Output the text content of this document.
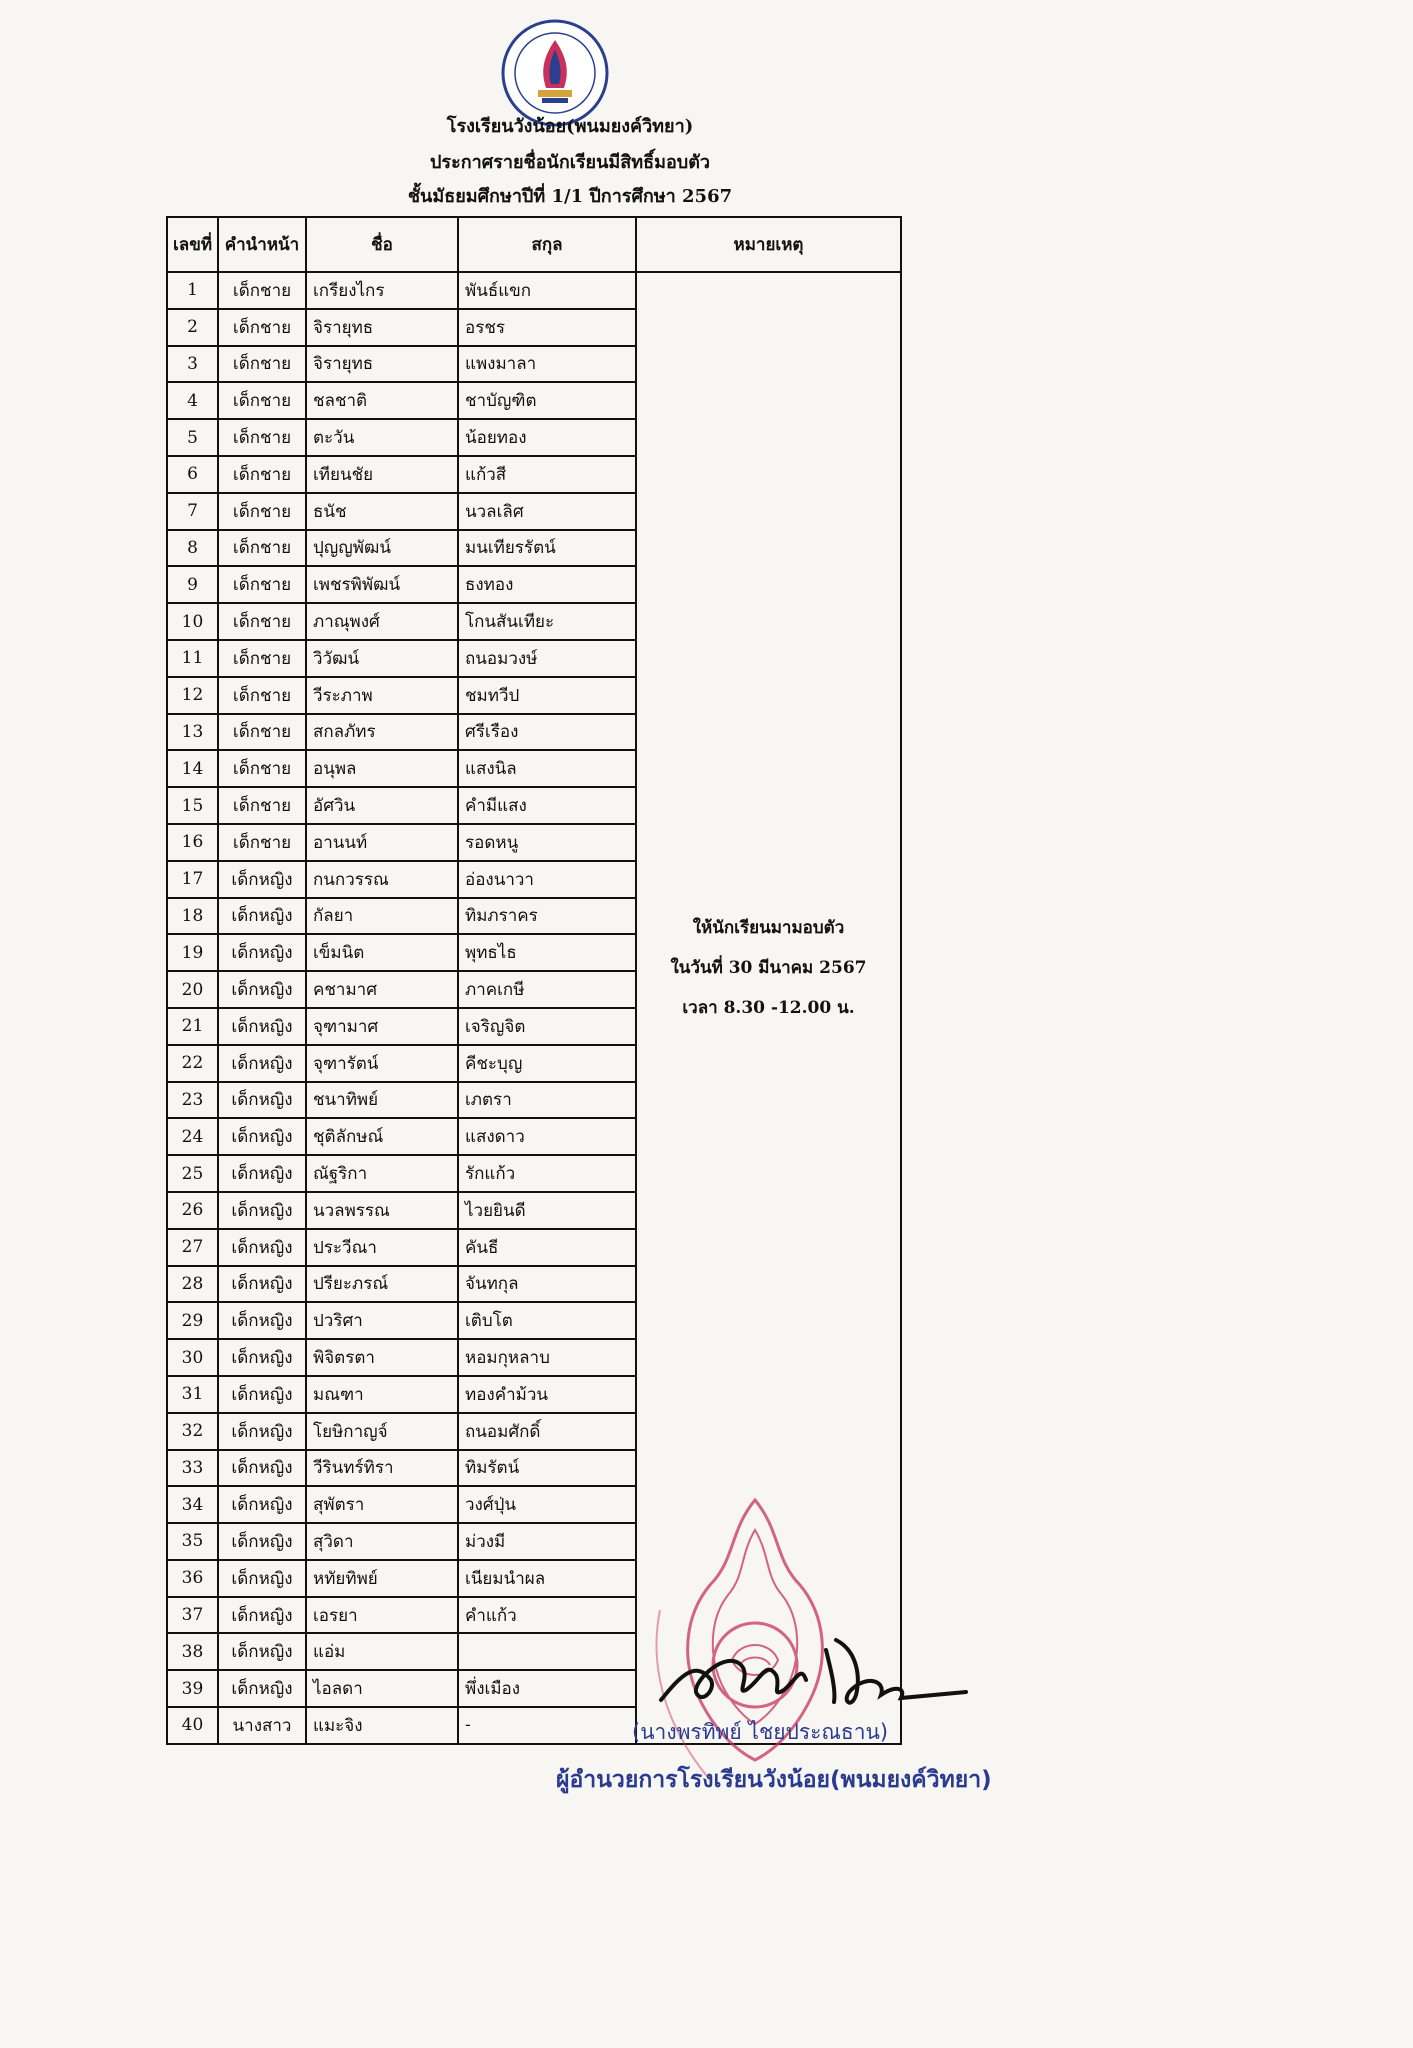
โรงเรียนวังน้อย(พนมยงค์วิทยา)
ประกาศรายชื่อนักเรียนมีสิทธิ์มอบตัว
ชั้นมัธยมศึกษาปีที่ 1/1 ปีการศึกษา 2567
เลขที่	คำนำหน้า	ชื่อ	สกุล	หมายเหตุ
1	เด็กชาย	เกรียงไกร	พันธ์แขก	ให้นักเรียนมามอบตัว
ในวันที่ 30 มีนาคม 2567
เวลา 8.30 -12.00 น.

2	เด็กชาย	จิรายุทธ	อรชร	
3	เด็กชาย	จิรายุทธ	แพงมาลา	
4	เด็กชาย	ชลชาติ	ชาบัญฑิต	
5	เด็กชาย	ตะวัน	น้อยทอง	
6	เด็กชาย	เทียนชัย	แก้วสี	
7	เด็กชาย	ธนัช	นวลเลิศ	
8	เด็กชาย	ปุญญพัฒน์	มนเทียรรัตน์	
9	เด็กชาย	เพชรพิพัฒน์	ธงทอง	
10	เด็กชาย	ภาณุพงศ์	โกนสันเทียะ	
11	เด็กชาย	วิวัฒน์	ถนอมวงษ์	
12	เด็กชาย	วีระภาพ	ชมทวีป	
13	เด็กชาย	สกลภัทร	ศรีเรือง	
14	เด็กชาย	อนุพล	แสงนิล	
15	เด็กชาย	อัศวิน	คำมีแสง	
16	เด็กชาย	อานนท์	รอดหนู	
17	เด็กหญิง	กนกวรรณ	อ่องนาวา	
18	เด็กหญิง	กัลยา	ทิมภราคร	
19	เด็กหญิง	เข็มนิต	พุทธไธ	
20	เด็กหญิง	คชามาศ	ภาคเกษี	
21	เด็กหญิง	จุฑามาศ	เจริญจิต	
22	เด็กหญิง	จุฑารัตน์	คีชะบุญ	
23	เด็กหญิง	ชนาทิพย์	เภตรา	
24	เด็กหญิง	ชุติลักษณ์	แสงดาว	
25	เด็กหญิง	ณัฐริกา	รักแก้ว	
26	เด็กหญิง	นวลพรรณ	ไวยยินดี	
27	เด็กหญิง	ประวีณา	คันธี	
28	เด็กหญิง	ปรียะภรณ์	จันทกุล	
29	เด็กหญิง	ปวริศา	เติบโต	
30	เด็กหญิง	พิจิตรตา	หอมกุหลาบ	
31	เด็กหญิง	มณฑา	ทองคำม้วน	
32	เด็กหญิง	โยษิกาญจ์	ถนอมศักดิ์	
33	เด็กหญิง	วีรินทร์ทิรา	ทิมรัตน์	
34	เด็กหญิง	สุพัตรา	วงศ์ปุ่น	
35	เด็กหญิง	สุวิดา	ม่วงมี	
36	เด็กหญิง	หทัยทิพย์	เนียมนำผล	
37	เด็กหญิง	เอรยา	คำแก้ว	
38	เด็กหญิง	แอ่ม		
39	เด็กหญิง	ไอลดา	พึ่งเมือง	
40	นางสาว	แมะจิง	-		(นางพรทิพย์ ไชยประณธาน)
ผู้อำนวยการโรงเรียนวังน้อย(พนมยงค์วิทยา)
